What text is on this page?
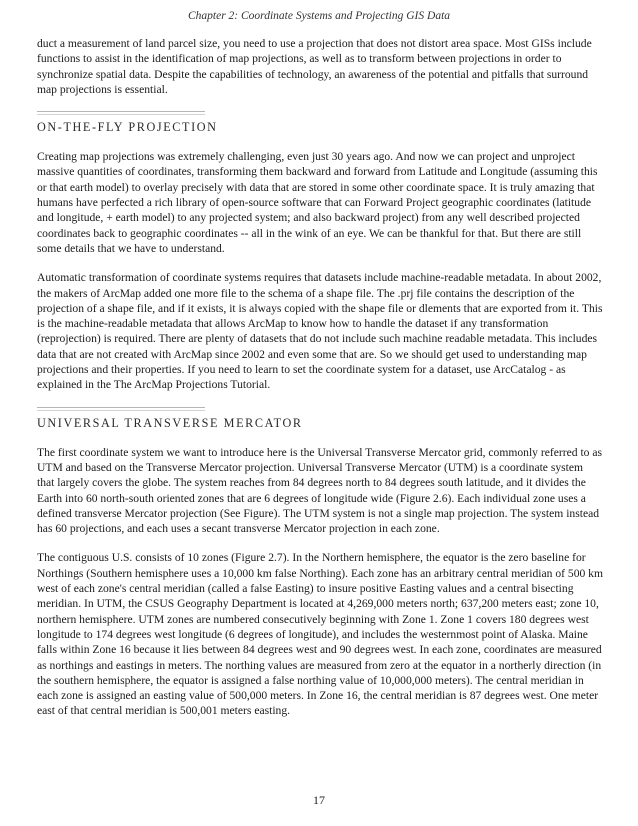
Chapter 2: Coordinate Systems and Projecting GIS Data

duct a measurement of land parcel size, you need to use a projection that does not distort area space. Most GISs include functions to assist in the identification of map projections, as well as to transform between projections in order to synchronize spatial data. Despite the capabilities of technology, an awareness of the potential and pitfalls that surround map projections is essential.

ON-THE-FLY PROJECTION

Creating map projections was extremely challenging, even just 30 years ago. And now we can project and unproject massive quantities of coordinates, transforming them backward and forward from Latitude and Longitude (assuming this or that earth model) to overlay precisely with data that are stored in some other coordinate space. It is truly amazing that humans have perfected a rich library of open-source software that can Forward Project geographic coordinates (latitude and longitude, + earth model) to any projected system; and also backward project) from any well described projected coordinates back to geographic coordinates -- all in the wink of an eye. We can be thankful for that. But there are still some details that we have to understand.

Automatic transformation of coordinate systems requires that datasets include machine-readable metadata. In about 2002, the makers of ArcMap added one more file to the schema of a shape file. The .prj file contains the description of the projection of a shape file, and if it exists, it is always copied with the shape file or dlements that are exported from it. This is the machine-readable metadata that allows ArcMap to know how to handle the dataset if any transformation (reprojection) is required. There are plenty of datasets that do not include such machine readable metadata. This includes data that are not created with ArcMap since 2002 and even some that are. So we should get used to understanding map projections and their properties. If you need to learn to set the coordinate system for a dataset, use ArcCatalog - as explained in the The ArcMap Projections Tutorial.

UNIVERSAL TRANSVERSE MERCATOR

The first coordinate system we want to introduce here is the Universal Transverse Mercator grid, commonly referred to as UTM and based on the Transverse Mercator projection. Universal Transverse Mercator (UTM) is a coordinate system that largely covers the globe. The system reaches from 84 degrees north to 84 degrees south latitude, and it divides the Earth into 60 north-south oriented zones that are 6 degrees of longitude wide (Figure 2.6). Each individual zone uses a defined transverse Mercator projection (See Figure). The UTM system is not a single map projection. The system instead has 60 projections, and each uses a secant transverse Mercator projection in each zone.

The contiguous U.S. consists of 10 zones (Figure 2.7). In the Northern hemisphere, the equator is the zero baseline for Northings (Southern hemisphere uses a 10,000 km false Northing). Each zone has an arbitrary central meridian of 500 km west of each zone's central meridian (called a false Easting) to insure positive Easting values and a central bisecting meridian. In UTM, the CSUS Geography Department is located at 4,269,000 meters north; 637,200 meters east; zone 10, northern hemisphere. UTM zones are numbered consecutively beginning with Zone 1. Zone 1 covers 180 degrees west longitude to 174 degrees west longitude (6 degrees of longitude), and includes the westernmost point of Alaska. Maine falls within Zone 16 because it lies between 84 degrees west and 90 degrees west. In each zone, coordinates are measured as northings and eastings in meters. The northing values are measured from zero at the equator in a northerly direction (in the southern hemisphere, the equator is assigned a false northing value of 10,000,000 meters). The central meridian in each zone is assigned an easting value of 500,000 meters. In Zone 16, the central meridian is 87 degrees west. One meter east of that central meridian is 500,001 meters easting.

17
